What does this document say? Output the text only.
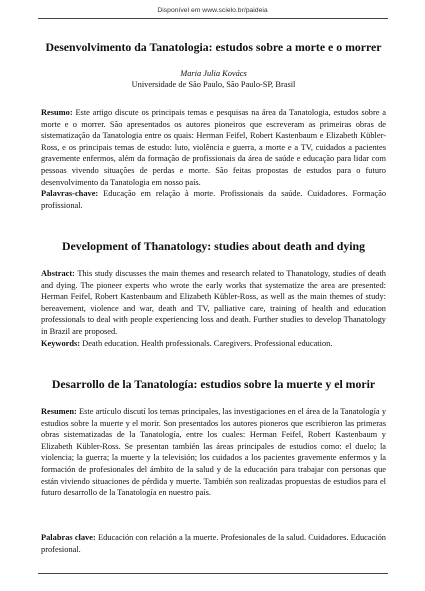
Disponível em www.scielo.br/paideia
Desenvolvimento da Tanatologia: estudos sobre a morte e o morrer
Maria Julia Kovács
Universidade de São Paulo, São Paulo-SP, Brasil

Resumo: Este artigo discute os principais temas e pesquisas na área da Tanatologia, estudos sobre a morte e o morrer. São apresentados os autores pioneiros que escreveram as primeiras obras de sistematização da Tanatologia entre os quais: Herman Feifel, Robert Kastenbaum e Elizabeth Kübler-Ross, e os principais temas de estudo: luto, violência e guerra, a morte e a TV, cuidados a pacientes gravemente enfermos, além da formação de profissionais da área de saúde e educação para lidar com pessoas vivendo situações de perdas e morte. São feitas propostas de estudos para o futuro desenvolvimento da Tanatologia em nosso país.

Palavras-chave: Educação em relação à morte. Profissionais da saúde. Cuidadores. Formação profissional.

Development of Thanatology: studies about death and dying

Abstract: This study discusses the main themes and research related to Thanatology, studies of death and dying. The pioneer experts who wrote the early works that systematize the area are presented: Herman Feifel, Robert Kastenbaum and Elizabeth Kübler-Ross, as well as the main themes of study: bereavement, violence and war, death and TV, palliative care, training of health and education professionals to deal with people experiencing loss and death. Further studies to develop Thanatology in Brazil are proposed.

Keywords: Death education. Health professionals. Caregivers. Professional education.

Desarrollo de la Tanatología: estudios sobre la muerte y el morir

Resumen: Este artículo discutí los temas principales, las investigaciones en el área de la Tanatología y estudios sobre la muerte y el morir. Son presentados los autores pioneros que escribieron las primeras obras sistematizadas de la Tanatología, entre los cuales: Herman Feifel, Robert Kastenbaum y Elizabeth Kübler-Ross. Se presentan también las áreas principales de estudios como: el duelo; la violencia; la guerra; la muerte y la televisión; los cuidados a los pacientes gravemente enfermos y la formación de profesionales del ámbito de la salud y de la educación para trabajar con personas que están viviendo situaciones de pérdida y muerte. También son realizadas propuestas de estudios para el futuro desarrollo de la Tanatología en nuestro país.

Palabras clave: Educación con relación a la muerte. Profesionales de la salud. Cuidadores. Educación profesional.
